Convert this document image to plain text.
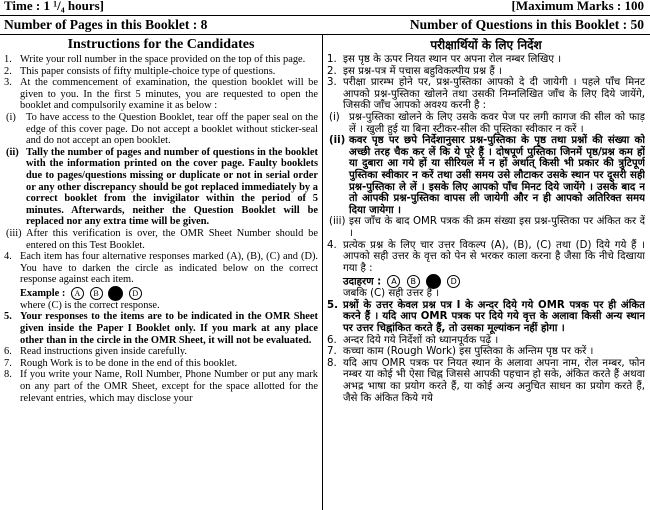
Time : 1 ¹/₄ hours]	[Maximum Marks : 100
Number of Pages in this Booklet : 8	Number of Questions in this Booklet : 50
Instructions for the Candidates
1. Write your roll number in the space provided on the top of this page.
2. This paper consists of fifty multiple-choice type of questions.
3. At the commencement of examination, the question booklet will be given to you. In the first 5 minutes, you are requested to open the booklet and compulsorily examine it as below :
(i) To have access to the Question Booklet, tear off the paper seal on the edge of this cover page. Do not accept a booklet without sticker-seal and do not accept an open booklet.
(ii) Tally the number of pages and number of questions in the booklet with the information printed on the cover page. Faulty booklets due to pages/questions missing or duplicate or not in serial order or any other discrepancy should be got replaced immediately by a correct booklet from the invigilator within the period of 5 minutes. Afterwards, neither the Question Booklet will be replaced nor any extra time will be given.
(iii) After this verification is over, the OMR Sheet Number should be entered on this Test Booklet.
4. Each item has four alternative responses marked (A), (B), (C) and (D). You have to darken the circle as indicated below on the correct response against each item.
Example : A B	D
where (C) is the correct response.
5. Your responses to the items are to be indicated in the OMR Sheet given inside the Paper I Booklet only. If you mark at any place other than in the circle in the OMR Sheet, it will not be evaluated.
6. Read instructions given inside carefully.
7. Rough Work is to be done in the end of this booklet.
8. If you write your Name, Roll Number, Phone Number or put any mark on any part of the OMR Sheet, except for the space allotted for the relevant entries, which may disclose your
परीक्षार्थियों के लिए निर्देश
1. इस पृष्ठ के ऊपर नियत स्थान पर अपना रोल नम्बर लिखिए ।
2. इस प्रश्न-पत्र में पचास बहुविकल्पीय प्रश्न हैं ।
3. परीक्षा प्रारम्भ होने पर, प्रश्न-पुस्तिका आपको दे दी जायेगी । पहले पाँच मिनट आपको प्रश्न-पुस्तिका खोलने तथा उसकी निम्नलिखित जाँच के लिए दिये जायेंगे, जिसकी जाँच आपको अवश्य करनी है :
(i) प्रश्न-पुस्तिका खोलने के लिए उसके कवर पेज पर लगी कागज की सील को फाड़ लें । खुली हुई या बिना स्टीकर-सील की पुस्तिका स्वीकार न करें ।
(ii) कवर पृष्ठ पर छपे निर्देशानुसार प्रश्न-पुस्तिका के पृष्ठ तथा प्रश्नों की संख्या को अच्छी तरह चैक कर लें कि ये पूरे हैं । दोषपूर्ण पुस्तिका जिनमें पृष्ठ/प्रश्न कम हों या दुबारा आ गये हों या सीरियल में न हों अर्थात् किसी भी प्रकार की त्रुटिपूर्ण पुस्तिका स्वीकार न करें तथा उसी समय उसे लौटाकर उसके स्थान पर दूसरी सही प्रश्न-पुस्तिका ले लें । इसके लिए आपको पाँच मिनट दिये जायेंगे । उसके बाद न तो आपकी प्रश्न-पुस्तिका वापस ली जायेगी और न ही आपको अतिरिक्त समय दिया जायेगा ।
(iii) इस जाँच के बाद OMR पत्रक की क्रम संख्या इस प्रश्न-पुस्तिका पर अंकित कर दें ।
4. प्रत्येक प्रश्न के लिए चार उत्तर विकल्प (A), (B), (C) तथा (D) दिये गये हैं । आपको सही उत्तर के वृत्त को पेन से भरकर काला करना है जैसा कि नीचे दिखाया गया है :
उदाहरण : A B	D
जबकि (C) सही उत्तर है ।
5. प्रश्नों के उत्तर केवल प्रश्न पत्र I के अन्दर दिये गये OMR पत्रक पर ही अंकित करने हैं । यदि आप OMR पत्रक पर दिये गये वृत्त के अलावा किसी अन्य स्थान पर उत्तर चिह्नांकित करते हैं, तो उसका मूल्यांकन नहीं होगा ।
6. अन्दर दिये गये निर्देशों को ध्यानपूर्वक पढ़ें ।
7. कच्चा काम (Rough Work) इस पुस्तिका के अन्तिम पृष्ठ पर करें ।
8. यदि आप OMR पत्रक पर नियत स्थान के अलावा अपना नाम, रोल नम्बर, फोन नम्बर या कोई भी ऐसा चिह्न जिससे आपकी पहचान हो सके, अंकित करते हैं अथवा अभद्र भाषा का प्रयोग करते हैं, या कोई अन्य अनुचित साधन का प्रयोग करते हैं, जैसे कि अंकित किये गये
